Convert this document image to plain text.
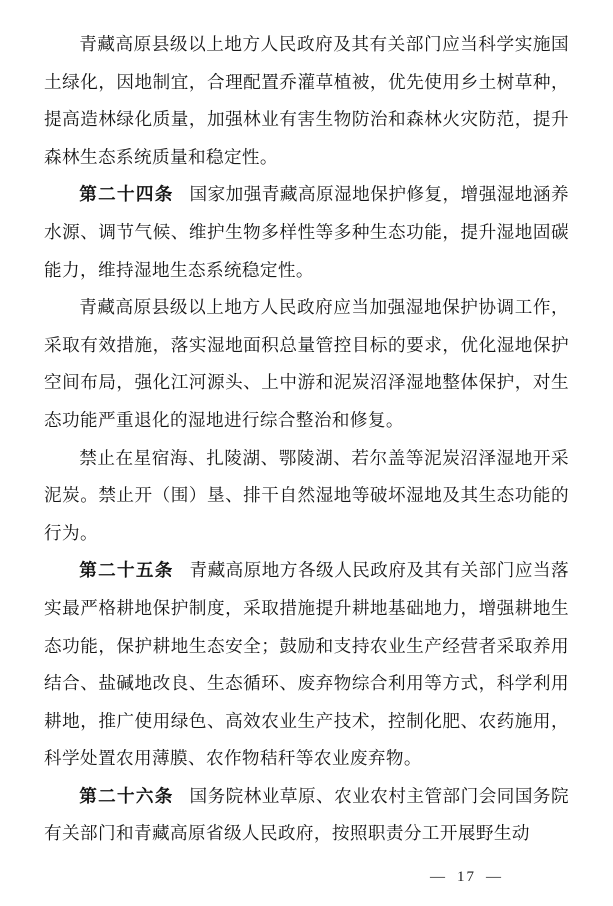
青藏高原县级以上地方人民政府及其有关部门应当科学实施国土绿化，因地制宜，合理配置乔灌草植被，优先使用乡土树草种，提高造林绿化质量，加强林业有害生物防治和森林火灾防范，提升森林生态系统质量和稳定性。

第二十四条 国家加强青藏高原湿地保护修复，增强湿地涵养水源、调节气候、维护生物多样性等多种生态功能，提升湿地固碳能力，维持湿地生态系统稳定性。

青藏高原县级以上地方人民政府应当加强湿地保护协调工作，采取有效措施，落实湿地面积总量管控目标的要求，优化湿地保护空间布局，强化江河源头、上中游和泥炭沼泽湿地整体保护，对生态功能严重退化的湿地进行综合整治和修复。

禁止在星宿海、扎陵湖、鄂陵湖、若尔盖等泥炭沼泽湿地开采泥炭。禁止开（围）垦、排干自然湿地等破坏湿地及其生态功能的行为。

第二十五条 青藏高原地方各级人民政府及其有关部门应当落实最严格耕地保护制度，采取措施提升耕地基础地力，增强耕地生态功能，保护耕地生态安全；鼓励和支持农业生产经营者采取养用结合、盐碱地改良、生态循环、废弃物综合利用等方式，科学利用耕地，推广使用绿色、高效农业生产技术，控制化肥、农药施用，科学处置农用薄膜、农作物秸秆等农业废弃物。

第二十六条 国务院林业草原、农业农村主管部门会同国务院有关部门和青藏高原省级人民政府，按照职责分工开展野生动

— 17 —
